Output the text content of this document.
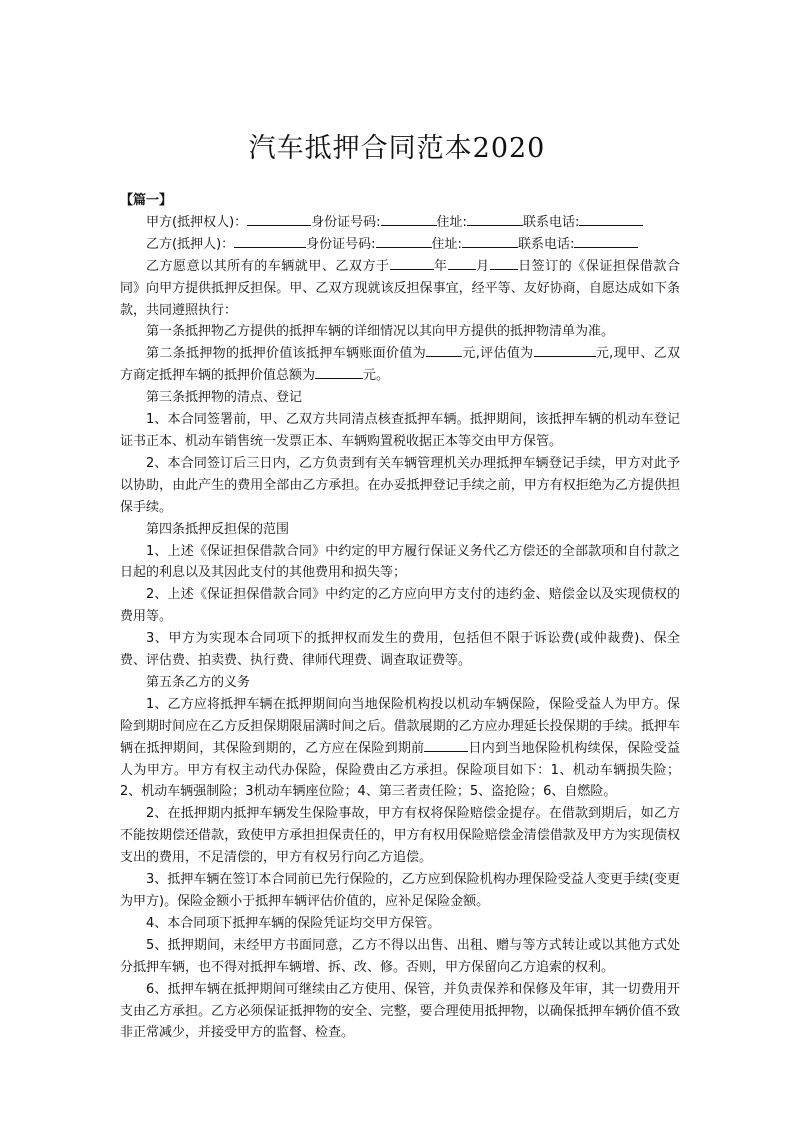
汽车抵押合同范本2020

【篇一】

甲方(抵押权人)：	身份证号码:	住址:	联系电话:

乙方(抵押人)：	身份证号码:	住址:	联系电话:

乙方愿意以其所有的车辆就甲、乙双方于	年 月 日签订的《保证担保借款合同》向甲方提供抵押反担保。甲、乙双方现就该反担保事宜，经平等、友好协商，自愿达成如下条款，共同遵照执行：

第一条抵押物乙方提供的抵押车辆的详细情况以其向甲方提供的抵押物清单为准。

第二条抵押物的抵押价值该抵押车辆账面价值为	元,评估值为	元,现甲、乙双方商定抵押车辆的抵押价值总额为	元。

第三条抵押物的清点、登记

1、本合同签署前，甲、乙双方共同清点核查抵押车辆。抵押期间，该抵押车辆的机动车登记证书正本、机动车销售统一发票正本、车辆购置税收据正本等交由甲方保管。

2、本合同签订后三日内，乙方负责到有关车辆管理机关办理抵押车辆登记手续，甲方对此予以协助，由此产生的费用全部由乙方承担。在办妥抵押登记手续之前，甲方有权拒绝为乙方提供担保手续。

第四条抵押反担保的范围

1、上述《保证担保借款合同》中约定的甲方履行保证义务代乙方偿还的全部款项和自付款之日起的利息以及其因此支付的其他费用和损失等；

2、上述《保证担保借款合同》中约定的乙方应向甲方支付的违约金、赔偿金以及实现债权的费用等。

3、甲方为实现本合同项下的抵押权而发生的费用，包括但不限于诉讼费(或仲裁费)、保全费、评估费、拍卖费、执行费、律师代理费、调查取证费等。

第五条乙方的义务

1、乙方应将抵押车辆在抵押期间向当地保险机构投以机动车辆保险，保险受益人为甲方。保险到期时间应在乙方反担保期限届满时间之后。借款展期的乙方应办理延长投保期的手续。抵押车辆在抵押期间，其保险到期的，乙方应在保险到期前	日内到当地保险机构续保，保险受益人为甲方。甲方有权主动代办保险，保险费由乙方承担。保险项目如下：1、机动车辆损失险；2、机动车辆强制险；3机动车辆座位险；4、第三者责任险；5、盗抢险；6、自燃险。

2、在抵押期内抵押车辆发生保险事故，甲方有权将保险赔偿金提存。在借款到期后，如乙方不能按期偿还借款，致使甲方承担担保责任的，甲方有权用保险赔偿金清偿借款及甲方为实现债权支出的费用，不足清偿的，甲方有权另行向乙方追偿。

3、抵押车辆在签订本合同前已先行保险的，乙方应到保险机构办理保险受益人变更手续(变更为甲方)。保险金额小于抵押车辆评估价值的，应补足保险金额。

4、本合同项下抵押车辆的保险凭证均交甲方保管。

5、抵押期间，未经甲方书面同意，乙方不得以出售、出租、赠与等方式转让或以其他方式处分抵押车辆，也不得对抵押车辆增、拆、改、修。否则，甲方保留向乙方追索的权利。

6、抵押车辆在抵押期间可继续由乙方使用、保管，并负责保养和保修及年审，其一切费用开支由乙方承担。乙方必须保证抵押物的安全、完整，要合理使用抵押物，以确保抵押车辆价值不致非正常减少，并接受甲方的监督、检查。
